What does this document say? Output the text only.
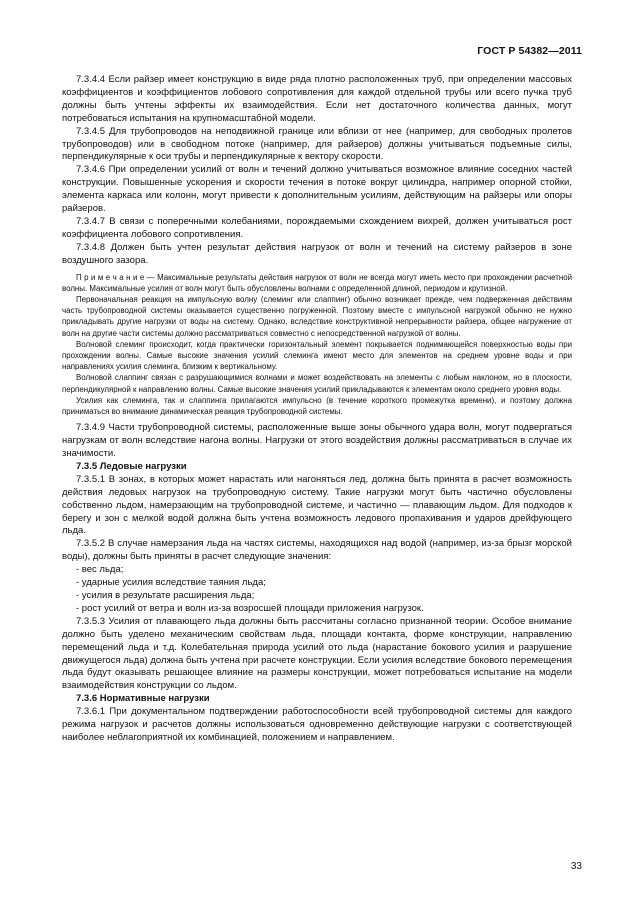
ГОСТ Р 54382—2011

7.3.4.4 Если райзер имеет конструкцию в виде ряда плотно расположенных труб, при определении массовых коэффициентов и коэффициентов лобового сопротивления для каждой отдельной трубы или всего пучка труб должны быть учтены эффекты их взаимодействия. Если нет достаточного количества данных, могут потребоваться испытания на крупномасштабной модели.

7.3.4.5 Для трубопроводов на неподвижной границе или вблизи от нее (например, для свободных пролетов трубопроводов) или в свободном потоке (например, для райзеров) должны учитываться подъемные силы, перпендикулярные к оси трубы и перпендикулярные к вектору скорости.

7.3.4.6 При определении усилий от волн и течений должно учитываться возможное влияние соседних частей конструкции. Повышенные ускорения и скорости течения в потоке вокруг цилиндра, например опорной стойки, элемента каркаса или колонн, могут привести к дополнительным усилиям, действующим на райзеры или опоры райзеров.

7.3.4.7 В связи с поперечными колебаниями, порождаемыми схождением вихрей, должен учитываться рост коэффициента лобового сопротивления.

7.3.4.8 Должен быть учтен результат действия нагрузок от волн и течений на систему райзеров в зоне воздушного зазора.

П р и м е ч а н и е — Максимальные результаты действия нагрузок от волн не всегда могут иметь место при прохождении расчетной волны. Максимальные усилия от волн могут быть обусловлены волнами с определенной длиной, периодом и крутизной.

Первоначальная реакция на импульсную волну (слеминг или слаппинг) обычно возникает прежде, чем подверженная действиям часть трубопроводной системы оказывается существенно погруженной. Поэтому вместе с импульсной нагрузкой обычно не нужно прикладывать другие нагрузки от воды на систему. Однако, вследствие конструктивной непрерывности райзера, общее нагружение от волн на другие части системы должно рассматриваться совместно с непосредственной нагрузкой от волны.

Волновой слеминг происходит, когда практически горизонтальный элемент покрывается поднимающейся поверхностью воды при прохождении волны. Самые высокие значения усилий слеминга имеют место для элементов на среднем уровне воды и при направлениях усилия слеминга, близким к вертикальному.

Волновой слаппинг связан с разрушающимися волнами и может воздействовать на элементы с любым наклоном, но в плоскости, перпендикулярной к направлению волны. Самые высокие значения усилий прикладываются к элементам около среднего уровня воды.

Усилия как слеминга, так и слаппинга прилагаются импульсно (в течение короткого промежутка времени), и поэтому должна приниматься во внимание динамическая реакция трубопроводной системы.

7.3.4.9 Части трубопроводной системы, расположенные выше зоны обычного удара волн, могут подвергаться нагрузкам от волн вследствие нагона волны. Нагрузки от этого воздействия должны рассматриваться в случае их значимости.

7.3.5 Ледовые нагрузки

7.3.5.1 В зонах, в которых может нарастать или нагоняться лед, должна быть принята в расчет возможность действия ледовых нагрузок на трубопроводную систему. Такие нагрузки могут быть частично обусловлены собственно льдом, намерзающим на трубопроводной системе, и частично — плавающим льдом. Для подходов к берегу и зон с мелкой водой должна быть учтена возможность ледового пропахивания и ударов дрейфующего льда.

7.3.5.2 В случае намерзания льда на частях системы, находящихся над водой (например, из-за брызг морской воды), должны быть приняты в расчет следующие значения:

- вес льда;
- ударные усилия вследствие таяния льда;
- усилия в результате расширения льда;
- рост усилий от ветра и волн из-за возросшей площади приложения нагрузок.

7.3.5.3 Усилия от плавающего льда должны быть рассчитаны согласно признанной теории. Особое внимание должно быть уделено механическим свойствам льда, площади контакта, форме конструкции, направлению перемещений льда и т.д. Колебательная природа усилий ото льда (нарастание бокового усилия и разрушение движущегося льда) должна быть учтена при расчете конструкции. Если усилия вследствие бокового перемещения льда будут оказывать решающее влияние на размеры конструкции, может потребоваться испытание на модели взаимодействия конструкции со льдом.

7.3.6 Нормативные нагрузки

7.3.6.1 При документальном подтверждении работоспособности всей трубопроводной системы для каждого режима нагрузок и расчетов должны использоваться одновременно действующие нагрузки с соответствующей наиболее неблагоприятной их комбинацией, положением и направлением.

33
